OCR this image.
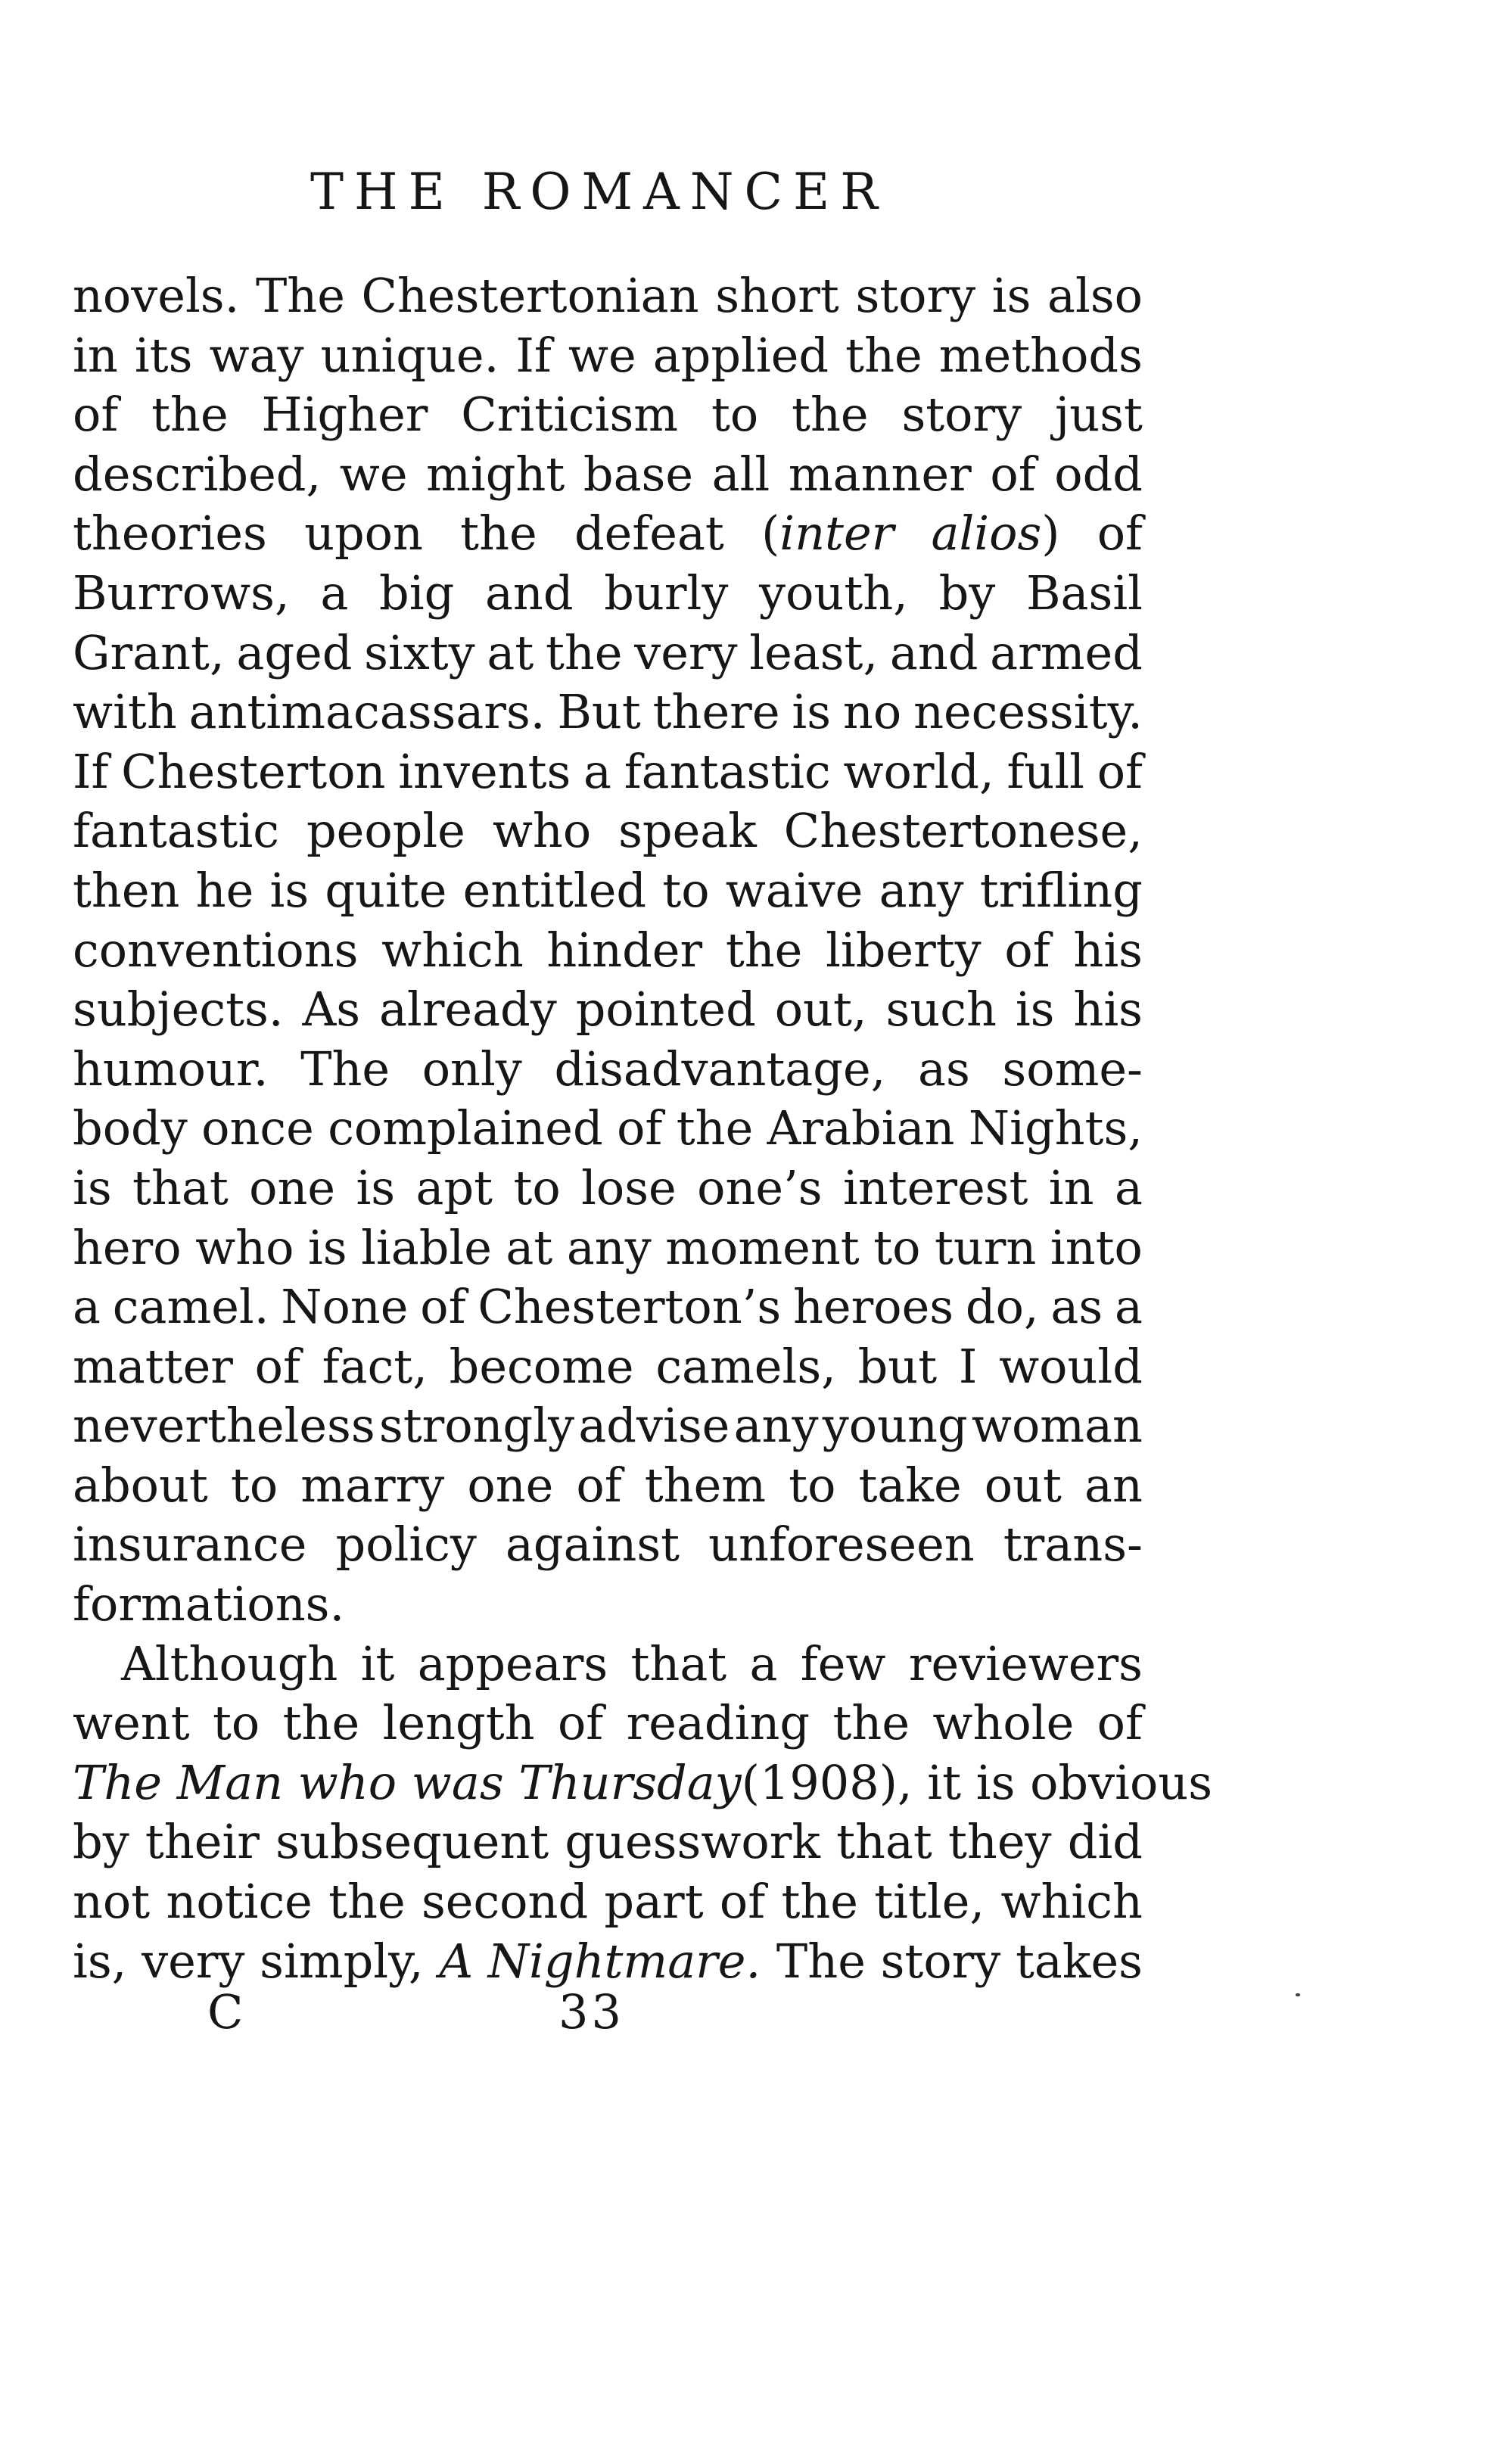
THE ROMANCER
novels. The Chestertonian short story is also
in its way unique. If we applied the methods
of the Higher Criticism to the story just
described, we might base all manner of odd
theories upon the defeat (inter alios) of
Burrows, a big and burly youth, by Basil
Grant, aged sixty at the very least, and armed
with antimacassars. But there is no necessity.
If Chesterton invents a fantastic world, full of
fantastic people who speak Chestertonese,
then he is quite entitled to waive any trifling
conventions which hinder the liberty of his
subjects. As already pointed out, such is his
humour. The only disadvantage, as some-
body once complained of the Arabian Nights,
is that one is apt to lose one’s interest in a
hero who is liable at any moment to turn into
a camel. None of Chesterton’s heroes do, as a
matter of fact, become camels, but I would
nevertheless strongly advise any young woman
about to marry one of them to take out an
insurance policy against unforeseen trans-
formations.
Although it appears that a few reviewers
went to the length of reading the whole of
The Man who was Thursday (1908), it is obvious
by their subsequent guesswork that they did
not notice the second part of the title, which
is, very simply, A Nightmare. The story takes
C	33
